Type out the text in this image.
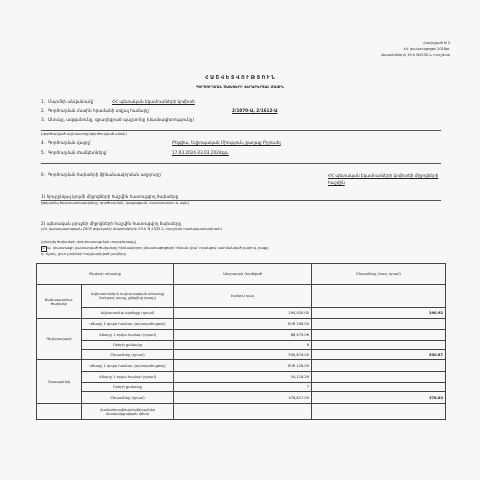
Հավելված N 3
ՀՀ փաստաթղթի 2018թ.
սեպտեմբերի 19-ի N0230-Ն որոշման
Հ Ա Շ Վ Ե Տ Վ Ո Ւ Թ Յ Ո Ւ Ն
ԳՈՐԾՈՒՂՄԱՆ ԾԱԽՍԵՐԻ ՎԵՐԱԲԵՐՅԱԼ ՄԱՍԻՆ
1. Մարմնի անվանումը՝	ՀՀ պետական եկամուտների կոմիտե
2. Գործուղման մասին հրամանի տվյալ համարը՝	2/1070-Ա, 2/1612-Ա
3. Անունը, ազգանունը, զբաղեցրած պաշտոնը (մասնագիտությունը)
(գործուղված աշխատողի/գործուղված անձի)
4. Գործուղման վայրը՝	Բելգիա, Եվրոպական Միություն, քաղաք Բրյուսել
5. Գործուղման ժամկետները՝	17.03.2024-23.03.2024թթ.
6. Գործուղման ծախսերի ֆինանսավորման աղբյուրը՝	ՀՀ պետական եկամուտների կոմիտեի միջոցների հաշվին
1) հյուրընկալ կողմի միջոցների հաշվին հատուցվող ծախսերը
(թվարկել ծախսատեսակները, գործուղման, կացության, տրանսպորտ և այլն)
2) պետական բյուջեի միջոցների հաշվին հատուցվող ծախսերը
(ՀՀ կառավարության 2005 թվականի դեկտեմբերի 29-ի N 2335-Ն որոշման համապատասխան)
(ընտրել ծախսերի փոխհատուցման տարբերակը)
☑ ա. փաստացի կատարված ծախսերը հիմնավորող փաստաթղթերի հիման վրա՝ որանցով սահմանված չափով, բացը
դ. մշակ, ըստ չափերի հաշվարկված չափերը
Ծախսի տեսակը		Անդրադրի Գործված	Ընդամենը (հազ. դրամ)
Ճանապարհա-
ծախսեր	Ավիատոմսերի ուղևորության տեսակը (Երկրով դասը, քնելինը դասը)	Էկոնոմ դաս	
	Ավիատոմսի արժեքը (դրամ)	290,920.00	290.92
Գիշերավարձ	Վճարը 1 օրվա համար (արտարժույթով)	EUR 206.00	
	Վճարը 1 օրվա համար (դրամ)	88,479.06	
	Օրերի քանակը	6	
	Ընդամենը (դրամ)	530,874.00	530.87
Օրապահիկ	Վճարը 1 օրվա համար (արտարժույթով)	EUR 126.00	
	Վճարը 1 օրվա համար (դրամ)	54,118.26	
	Օրերի քանակը	7	
	Ընդամենը (դրամ)	378,827.00	378.83
	Համաժողովներ/սեմինարներ մասնակցության վճար		
